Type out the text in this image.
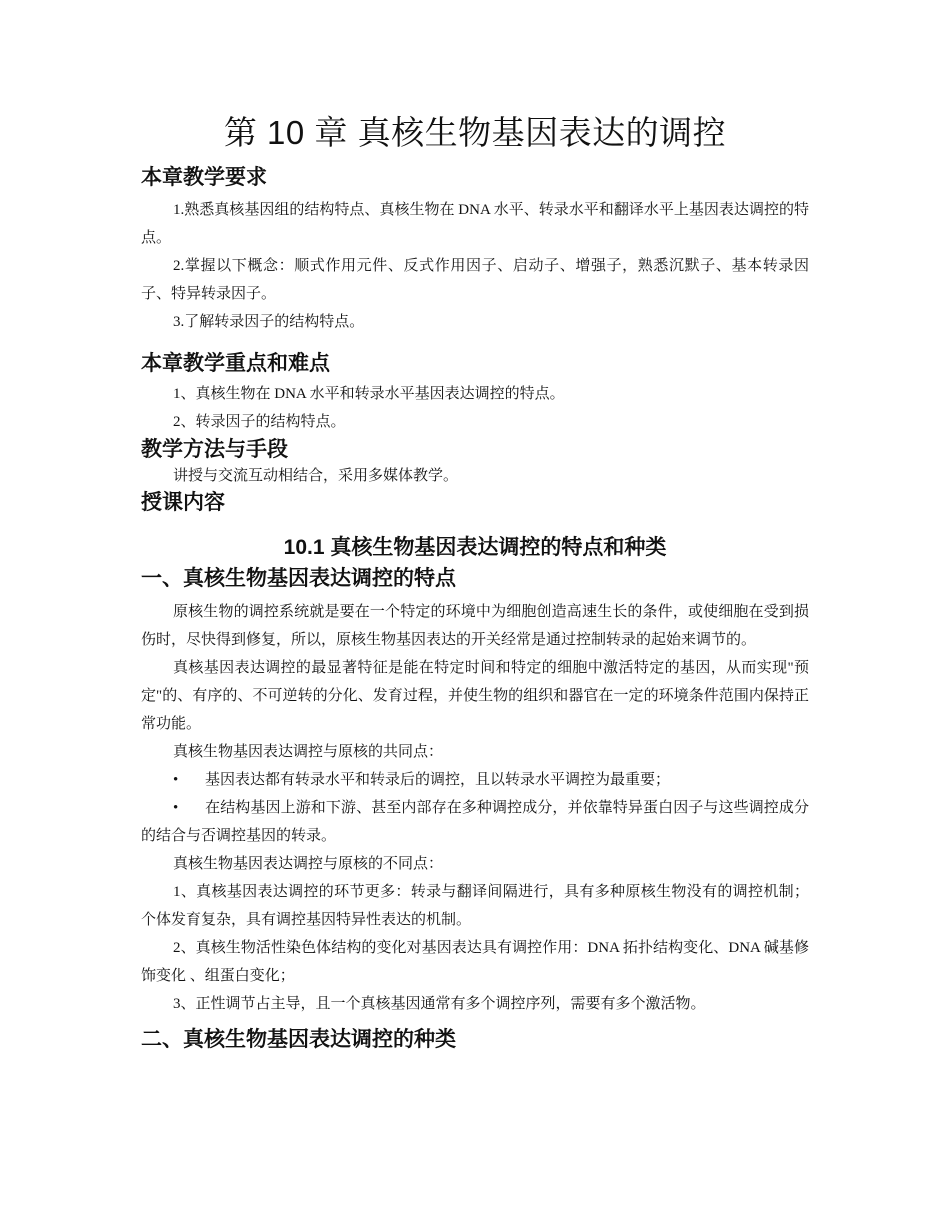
第 10 章 真核生物基因表达的调控
本章教学要求

1.熟悉真核基因组的结构特点、真核生物在 DNA 水平、转录水平和翻译水平上基因表达调控的特点。

2.掌握以下概念：顺式作用元件、反式作用因子、启动子、增强子，熟悉沉默子、基本转录因子、特异转录因子。

3.了解转录因子的结构特点。

本章教学重点和难点

1、真核生物在 DNA 水平和转录水平基因表达调控的特点。

2、转录因子的结构特点。

教学方法与手段

讲授与交流互动相结合，采用多媒体教学。

授课内容
10.1 真核生物基因表达调控的特点和种类
一、真核生物基因表达调控的特点

原核生物的调控系统就是要在一个特定的环境中为细胞创造高速生长的条件，或使细胞在受到损伤时，尽快得到修复，所以，原核生物基因表达的开关经常是通过控制转录的起始来调节的。

真核基因表达调控的最显著特征是能在特定时间和特定的细胞中激活特定的基因，从而实现"预定"的、有序的、不可逆转的分化、发育过程，并使生物的组织和器官在一定的环境条件范围内保持正常功能。

真核生物基因表达调控与原核的共同点：

• 基因表达都有转录水平和转录后的调控，且以转录水平调控为最重要；

• 在结构基因上游和下游、甚至内部存在多种调控成分，并依靠特异蛋白因子与这些调控成分的结合与否调控基因的转录。

真核生物基因表达调控与原核的不同点：

1、真核基因表达调控的环节更多：转录与翻译间隔进行，具有多种原核生物没有的调控机制；个体发育复杂，具有调控基因特异性表达的机制。

2、真核生物活性染色体结构的变化对基因表达具有调控作用：DNA 拓扑结构变化、DNA 碱基修饰变化 、组蛋白变化；

3、正性调节占主导，且一个真核基因通常有多个调控序列，需要有多个激活物。

二、真核生物基因表达调控的种类
